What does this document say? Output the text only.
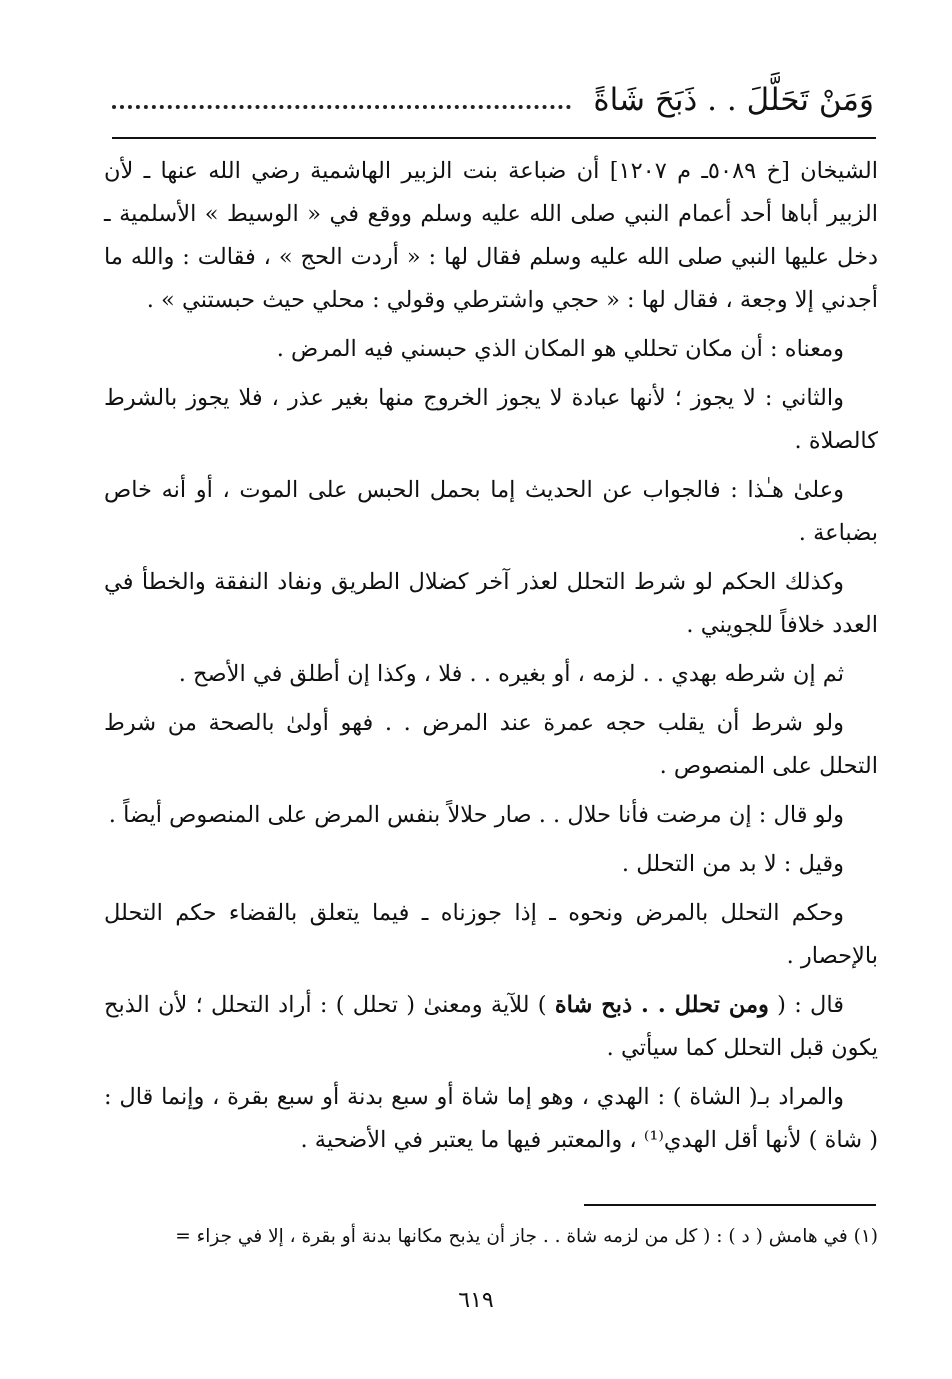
وَمَنْ تَحَلَّلَ . . ذَبَحَ شَاةً

الشيخان [خ ٥٠٨٩ـ م ١٢٠٧] أن ضباعة بنت الزبير الهاشمية رضي الله عنها ـ لأن الزبير أباها أحد أعمام النبي صلى الله عليه وسلم ووقع في « الوسيط » الأسلمية ـ دخل عليها النبي صلى الله عليه وسلم فقال لها : « أردت الحج » ، فقالت : والله ما أجدني إلا وجعة ، فقال لها : « حجي واشترطي وقولي : محلي حيث حبستني » .

ومعناه : أن مكان تحللي هو المكان الذي حبسني فيه المرض .

والثاني : لا يجوز ؛ لأنها عبادة لا يجوز الخروج منها بغير عذر ، فلا يجوز بالشرط كالصلاة .

وعلىٰ هـٰذا : فالجواب عن الحديث إما بحمل الحبس على الموت ، أو أنه خاص بضباعة .

وكذلك الحكم لو شرط التحلل لعذر آخر كضلال الطريق ونفاد النفقة والخطأ في العدد خلافاً للجويني .

ثم إن شرطه بهدي . . لزمه ، أو بغيره . . فلا ، وكذا إن أطلق في الأصح .

ولو شرط أن يقلب حجه عمرة عند المرض . . فهو أولىٰ بالصحة من شرط التحلل على المنصوص .

ولو قال : إن مرضت فأنا حلال . . صار حلالاً بنفس المرض على المنصوص أيضاً .

وقيل : لا بد من التحلل .

وحكم التحلل بالمرض ونحوه ـ إذا جوزناه ـ فيما يتعلق بالقضاء حكم التحلل بالإحصار .

قال : ( ومن تحلل . . ذبح شاة ) للآية ومعنىٰ ( تحلل ) : أراد التحلل ؛ لأن الذبح يكون قبل التحلل كما سيأتي .

والمراد بـ( الشاة ) : الهدي ، وهو إما شاة أو سبع بدنة أو سبع بقرة ، وإنما قال : ( شاة ) لأنها أقل الهدي⁽¹⁾ ، والمعتبر فيها ما يعتبر في الأضحية .

(١) في هامش ( د ) : ( كل من لزمه شاة . . جاز أن يذبح مكانها بدنة أو بقرة ، إلا في جزاء =
٦١٩
